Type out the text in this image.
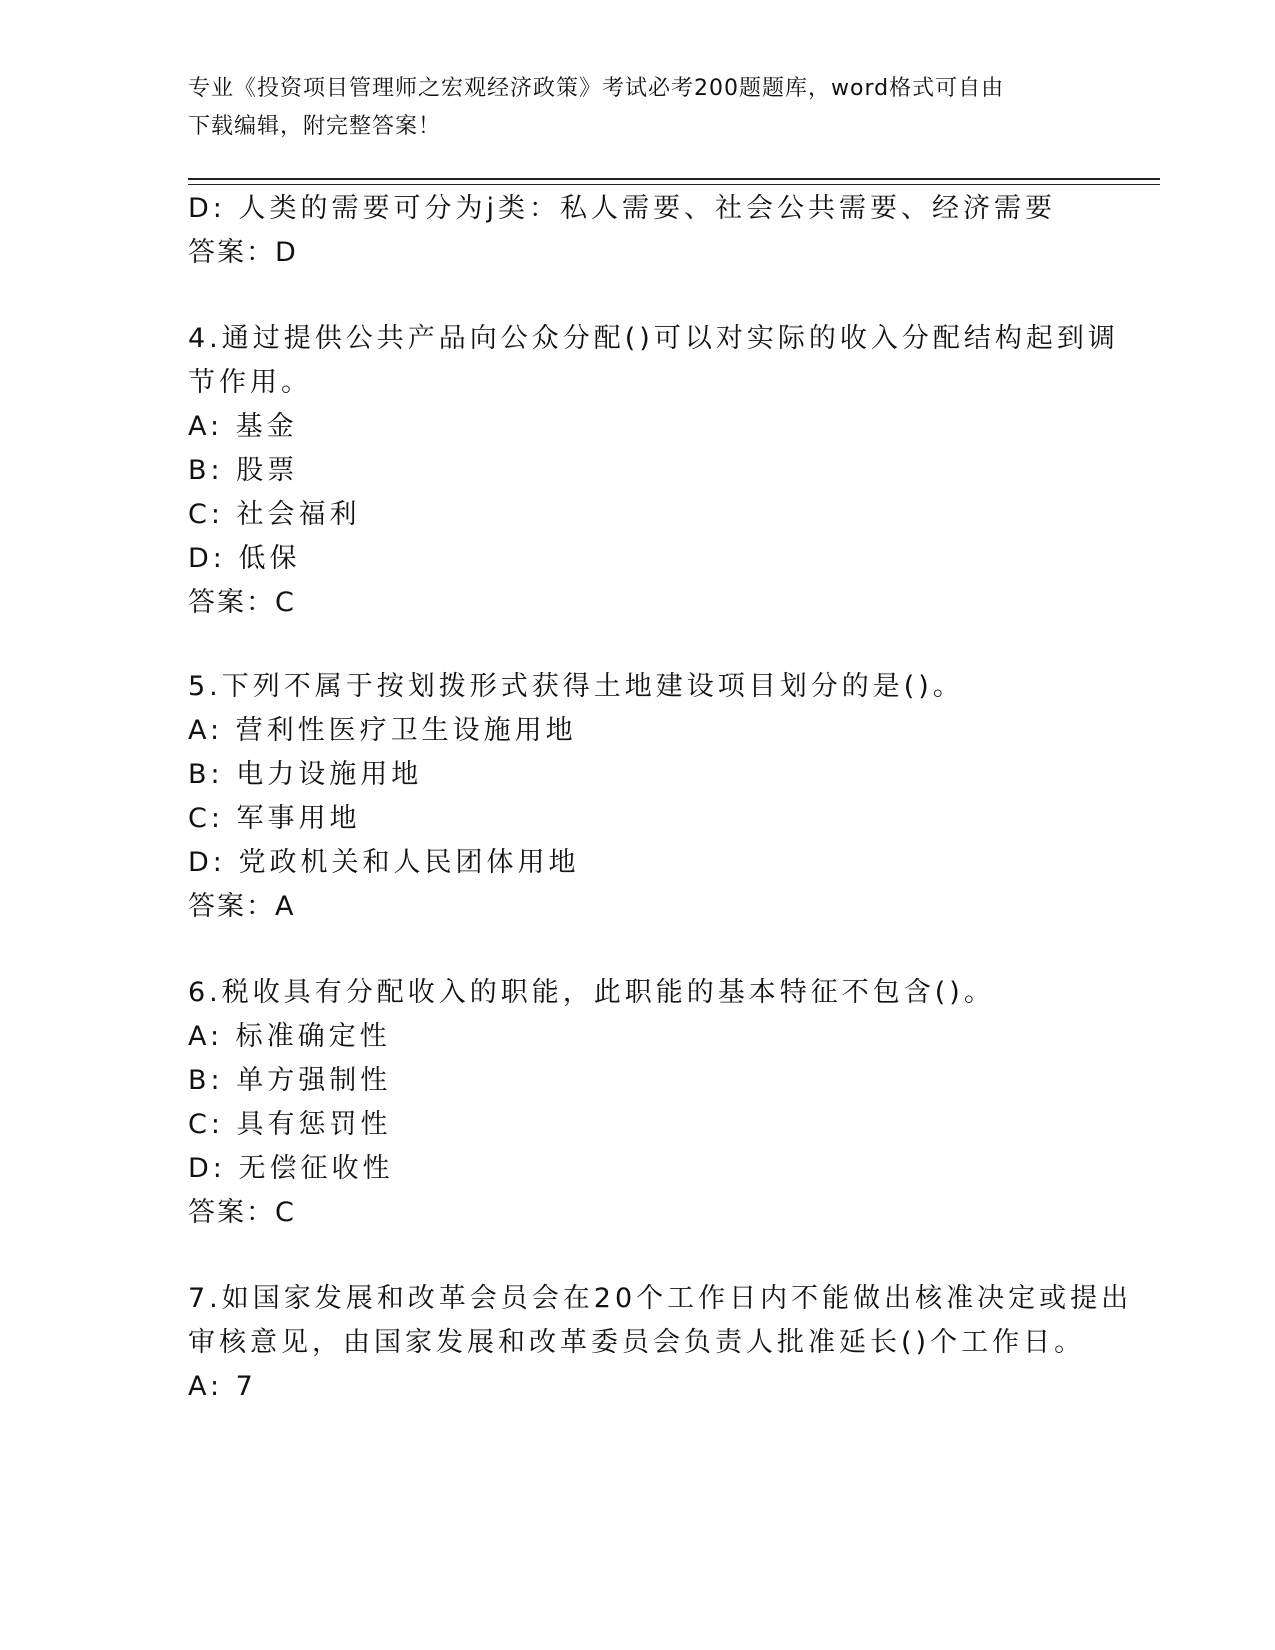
专业《投资项目管理师之宏观经济政策》考试必考200题题库，word格式可自由
下载编辑，附完整答案！
D: 人类的需要可分为j类：私人需要、社会公共需要、经济需要
答案：D
4.通过提供公共产品向公众分配()可以对实际的收入分配结构起到调
节作用。
A: 基金
B: 股票
C: 社会福利
D: 低保
答案：C
5.下列不属于按划拨形式获得土地建设项目划分的是()。
A: 营利性医疗卫生设施用地
B: 电力设施用地
C: 军事用地
D: 党政机关和人民团体用地
答案：A
6.税收具有分配收入的职能，此职能的基本特征不包含()。
A: 标准确定性
B: 单方强制性
C: 具有惩罚性
D: 无偿征收性
答案：C
7.如国家发展和改革会员会在20个工作日内不能做出核准决定或提出
审核意见，由国家发展和改革委员会负责人批准延长()个工作日。
A: 7
